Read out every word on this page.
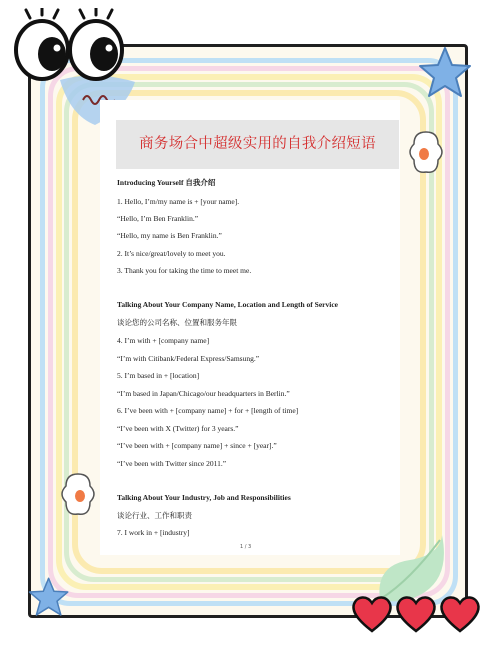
商务场合中超级实用的自我介绍短语
Introducing Yourself 自我介绍
1. Hello, I’m/my name is + [your name].
“Hello, I’m Ben Franklin.”
“Hello, my name is Ben Franklin.”
2. It’s nice/great/lovely to meet you.
3. Thank you for taking the time to meet me.
Talking About Your Company Name, Location and Length of Service
谈论您的公司名称、位置和服务年限
4. I’m with + [company name]
“I’m with Citibank/Federal Express/Samsung.”
5. I’m based in + [location]
“I’m based in Japan/Chicago/our headquarters in Berlin.”
6. I’ve been with + [company name] + for + [length of time]
“I’ve been with X (Twitter) for 3 years.”
“I’ve been with + [company name] + since + [year].”
“I’ve been with Twitter since 2011.”
Talking About Your Industry, Job and Responsibilities
谈论行业、工作和职责
7. I work in + [industry]
1 / 3
